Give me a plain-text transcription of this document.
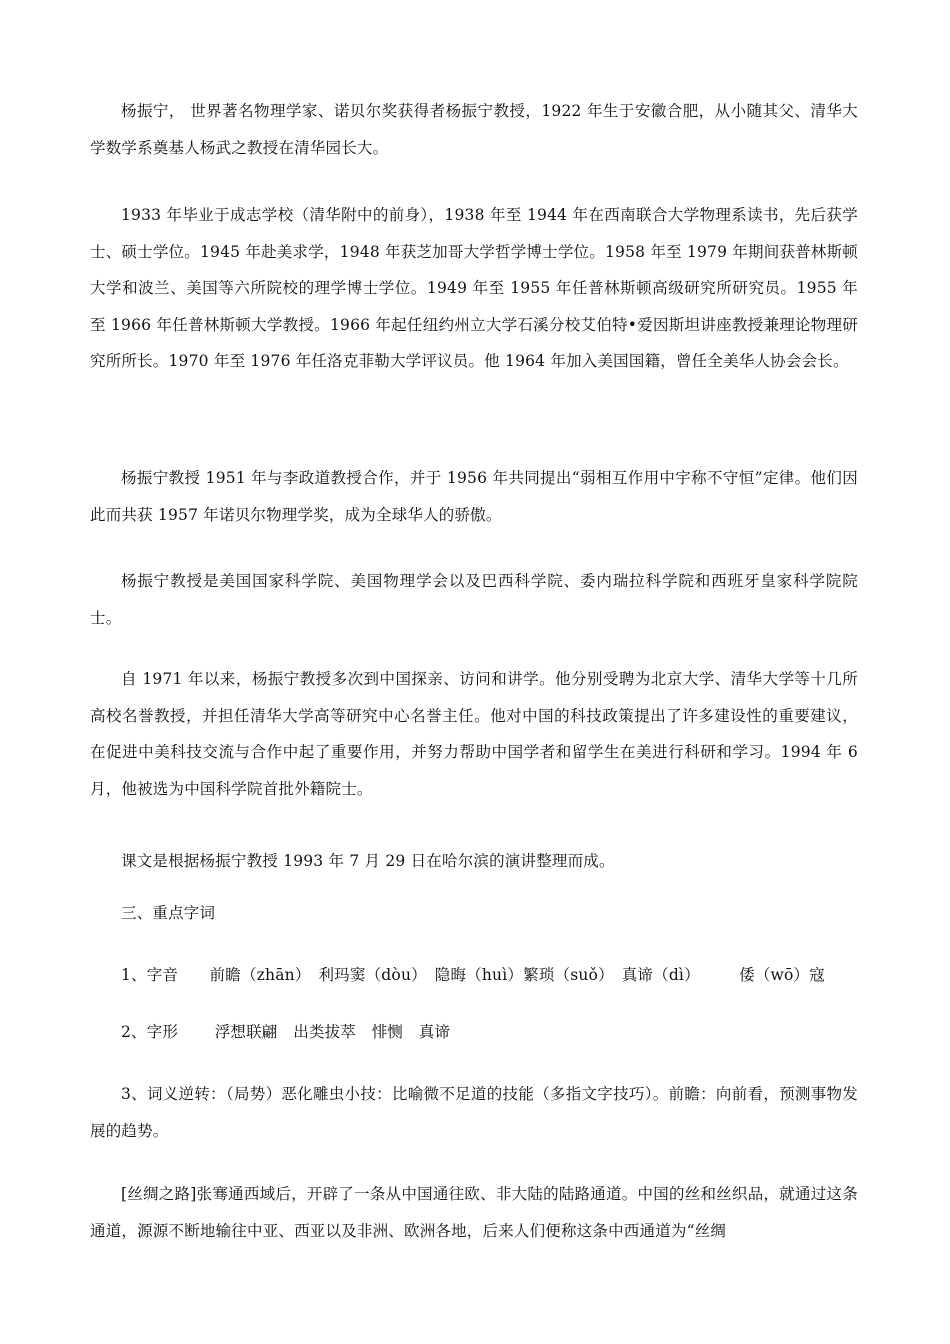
杨振宁， 世界著名物理学家、诺贝尔奖获得者杨振宁教授，1922 年生于安徽合肥，从小随其父、清华大学数学系奠基人杨武之教授在清华园长大。

1933 年毕业于成志学校（清华附中的前身），1938 年至 1944 年在西南联合大学物理系读书，先后获学士、硕士学位。1945 年赴美求学，1948 年获芝加哥大学哲学博士学位。1958 年至 1979 年期间获普林斯顿大学和波兰、美国等六所院校的理学博士学位。1949 年至 1955 年任普林斯顿高级研究所研究员。1955 年至 1966 年任普林斯顿大学教授。1966 年起任纽约州立大学石溪分校艾伯特•爱因斯坦讲座教授兼理论物理研究所所长。1970 年至 1976 年任洛克菲勒大学评议员。他 1964 年加入美国国籍，曾任全美华人协会会长。

杨振宁教授 1951 年与李政道教授合作，并于 1956 年共同提出“弱相互作用中宇称不守恒”定律。他们因此而共获 1957 年诺贝尔物理学奖，成为全球华人的骄傲。

杨振宁教授是美国国家科学院、美国物理学会以及巴西科学院、委内瑞拉科学院和西班牙皇家科学院院士。

自 1971 年以来，杨振宁教授多次到中国探亲、访问和讲学。他分别受聘为北京大学、清华大学等十几所高校名誉教授，并担任清华大学高等研究中心名誉主任。他对中国的科技政策提出了许多建设性的重要建议，在促进中美科技交流与合作中起了重要作用，并努力帮助中国学者和留学生在美进行科研和学习。1994 年 6 月，他被选为中国科学院首批外籍院士。

课文是根据杨振宁教授 1993 年 7 月 29 日在哈尔滨的演讲整理而成。

三、重点字词

1、字音　　前瞻（zhān）　利玛窦（dòu）　隐晦（huì）繁琐（suǒ）　真谛（dì）　　　倭（wō）寇

2、字形　　 浮想联翩　出类拔萃　悱恻　真谛

3、词义逆转：（局势）恶化雕虫小技：比喻微不足道的技能（多指文字技巧）。前瞻：向前看，预测事物发展的趋势。

[丝绸之路]张骞通西域后，开辟了一条从中国通往欧、非大陆的陆路通道。中国的丝和丝织品，就通过这条通道，源源不断地输往中亚、西亚以及非洲、欧洲各地，后来人们便称这条中西通道为“丝绸
